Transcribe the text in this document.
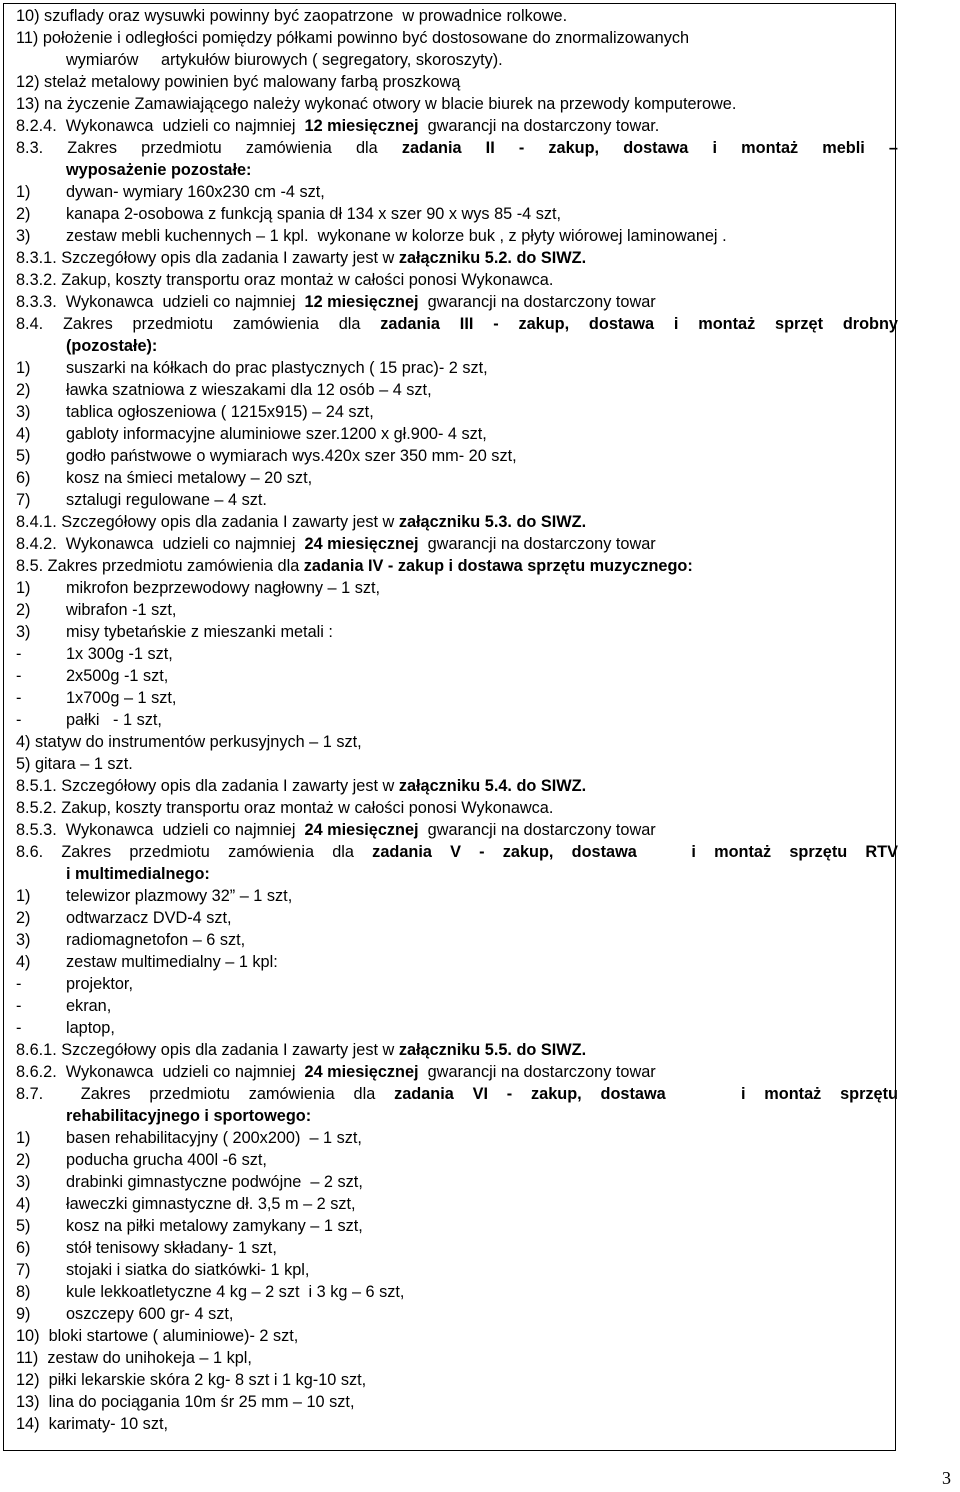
10) szuflady oraz wysuwki powinny być zaopatrzone  w prowadnice rolkowe.
11) położenie i odległości pomiędzy półkami powinno być dostosowane do znormalizowanych
wymiarów     artykułów biurowych ( segregatory, skoroszyty).
12) stelaż metalowy powinien być malowany farbą proszkową
13) na życzenie Zamawiającego należy wykonać otwory w blacie biurek na przewody komputerowe.
8.2.4.  Wykonawca  udzieli co najmniej  12 miesięcznej  gwarancji na dostarczony towar.
8.3. Zakres przedmiotu zamówienia dla zadania II - zakup, dostawa i montaż mebli –
wyposażenie pozostałe:
1) dywan- wymiary 160x230 cm -4 szt,
2) kanapa 2-osobowa z funkcją spania dł 134 x szer 90 x wys 85 -4 szt,
3) zestaw mebli kuchennych – 1 kpl.  wykonane w kolorze buk , z płyty wiórowej laminowanej .
8.3.1. Szczegółowy opis dla zadania I zawarty jest w załączniku 5.2. do SIWZ.
8.3.2. Zakup, koszty transportu oraz montaż w całości ponosi Wykonawca.
8.3.3.  Wykonawca  udzieli co najmniej  12 miesięcznej  gwarancji na dostarczony towar
8.4. Zakres przedmiotu zamówienia dla zadania III - zakup, dostawa i montaż sprzęt drobny
(pozostałe):
1) suszarki na kółkach do prac plastycznych ( 15 prac)- 2 szt,
2) ławka szatniowa z wieszakami dla 12 osób – 4 szt,
3) tablica ogłoszeniowa ( 1215x915) – 24 szt,
4) gabloty informacyjne aluminiowe szer.1200 x gł.900- 4 szt,
5) godło państwowe o wymiarach wys.420x szer 350 mm- 20 szt,
6) kosz na śmieci metalowy – 20 szt,
7) sztalugi regulowane – 4 szt.
8.4.1. Szczegółowy opis dla zadania I zawarty jest w załączniku 5.3. do SIWZ.
8.4.2.  Wykonawca  udzieli co najmniej  24 miesięcznej  gwarancji na dostarczony towar
8.5. Zakres przedmiotu zamówienia dla zadania IV - zakup i dostawa sprzętu muzycznego:
1) mikrofon bezprzewodowy nagłowny – 1 szt,
2) wibrafon -1 szt,
3) misy tybetańskie z mieszanki metali :
-	1x 300g -1 szt,
-	2x500g -1 szt,
-	1x700g – 1 szt,
-	pałki   - 1 szt,
4) statyw do instrumentów perkusyjnych – 1 szt,
5) gitara – 1 szt.
8.5.1. Szczegółowy opis dla zadania I zawarty jest w załączniku 5.4. do SIWZ.
8.5.2. Zakup, koszty transportu oraz montaż w całości ponosi Wykonawca.
8.5.3.  Wykonawca  udzieli co najmniej  24 miesięcznej  gwarancji na dostarczony towar
8.6. Zakres przedmiotu zamówienia dla zadania V - zakup, dostawa   i montaż sprzętu RTV
i multimedialnego:
1) telewizor plazmowy 32” – 1 szt,
2) odtwarzacz DVD-4 szt,
3) radiomagnetofon – 6 szt,
4) zestaw multimedialny – 1 kpl:
-	projektor,
-	ekran,
-	laptop,
8.6.1. Szczegółowy opis dla zadania I zawarty jest w załączniku 5.5. do SIWZ.
8.6.2.  Wykonawca  udzieli co najmniej  24 miesięcznej  gwarancji na dostarczony towar
8.7.  Zakres przedmiotu zamówienia dla zadania VI - zakup, dostawa    i montaż sprzętu
rehabilitacyjnego i sportowego:
1) basen rehabilitacyjny ( 200x200)  – 1 szt,
2) poducha grucha 400l -6 szt,
3) drabinki gimnastyczne podwójne  – 2 szt,
4) ławeczki gimnastyczne dł. 3,5 m – 2 szt,
5) kosz na piłki metalowy zamykany – 1 szt,
6) stół tenisowy składany- 1 szt,
7) stojaki i siatka do siatkówki- 1 kpl,
8) kule lekkoatletyczne 4 kg – 2 szt  i 3 kg – 6 szt,
9) oszczepy 600 gr- 4 szt,
10)  bloki startowe ( aluminiowe)- 2 szt,
11)  zestaw do unihokeja – 1 kpl,
12)  piłki lekarskie skóra 2 kg- 8 szt i 1 kg-10 szt,
13)  lina do pociągania 10m śr 25 mm – 10 szt,
14)  karimaty- 10 szt,
3
